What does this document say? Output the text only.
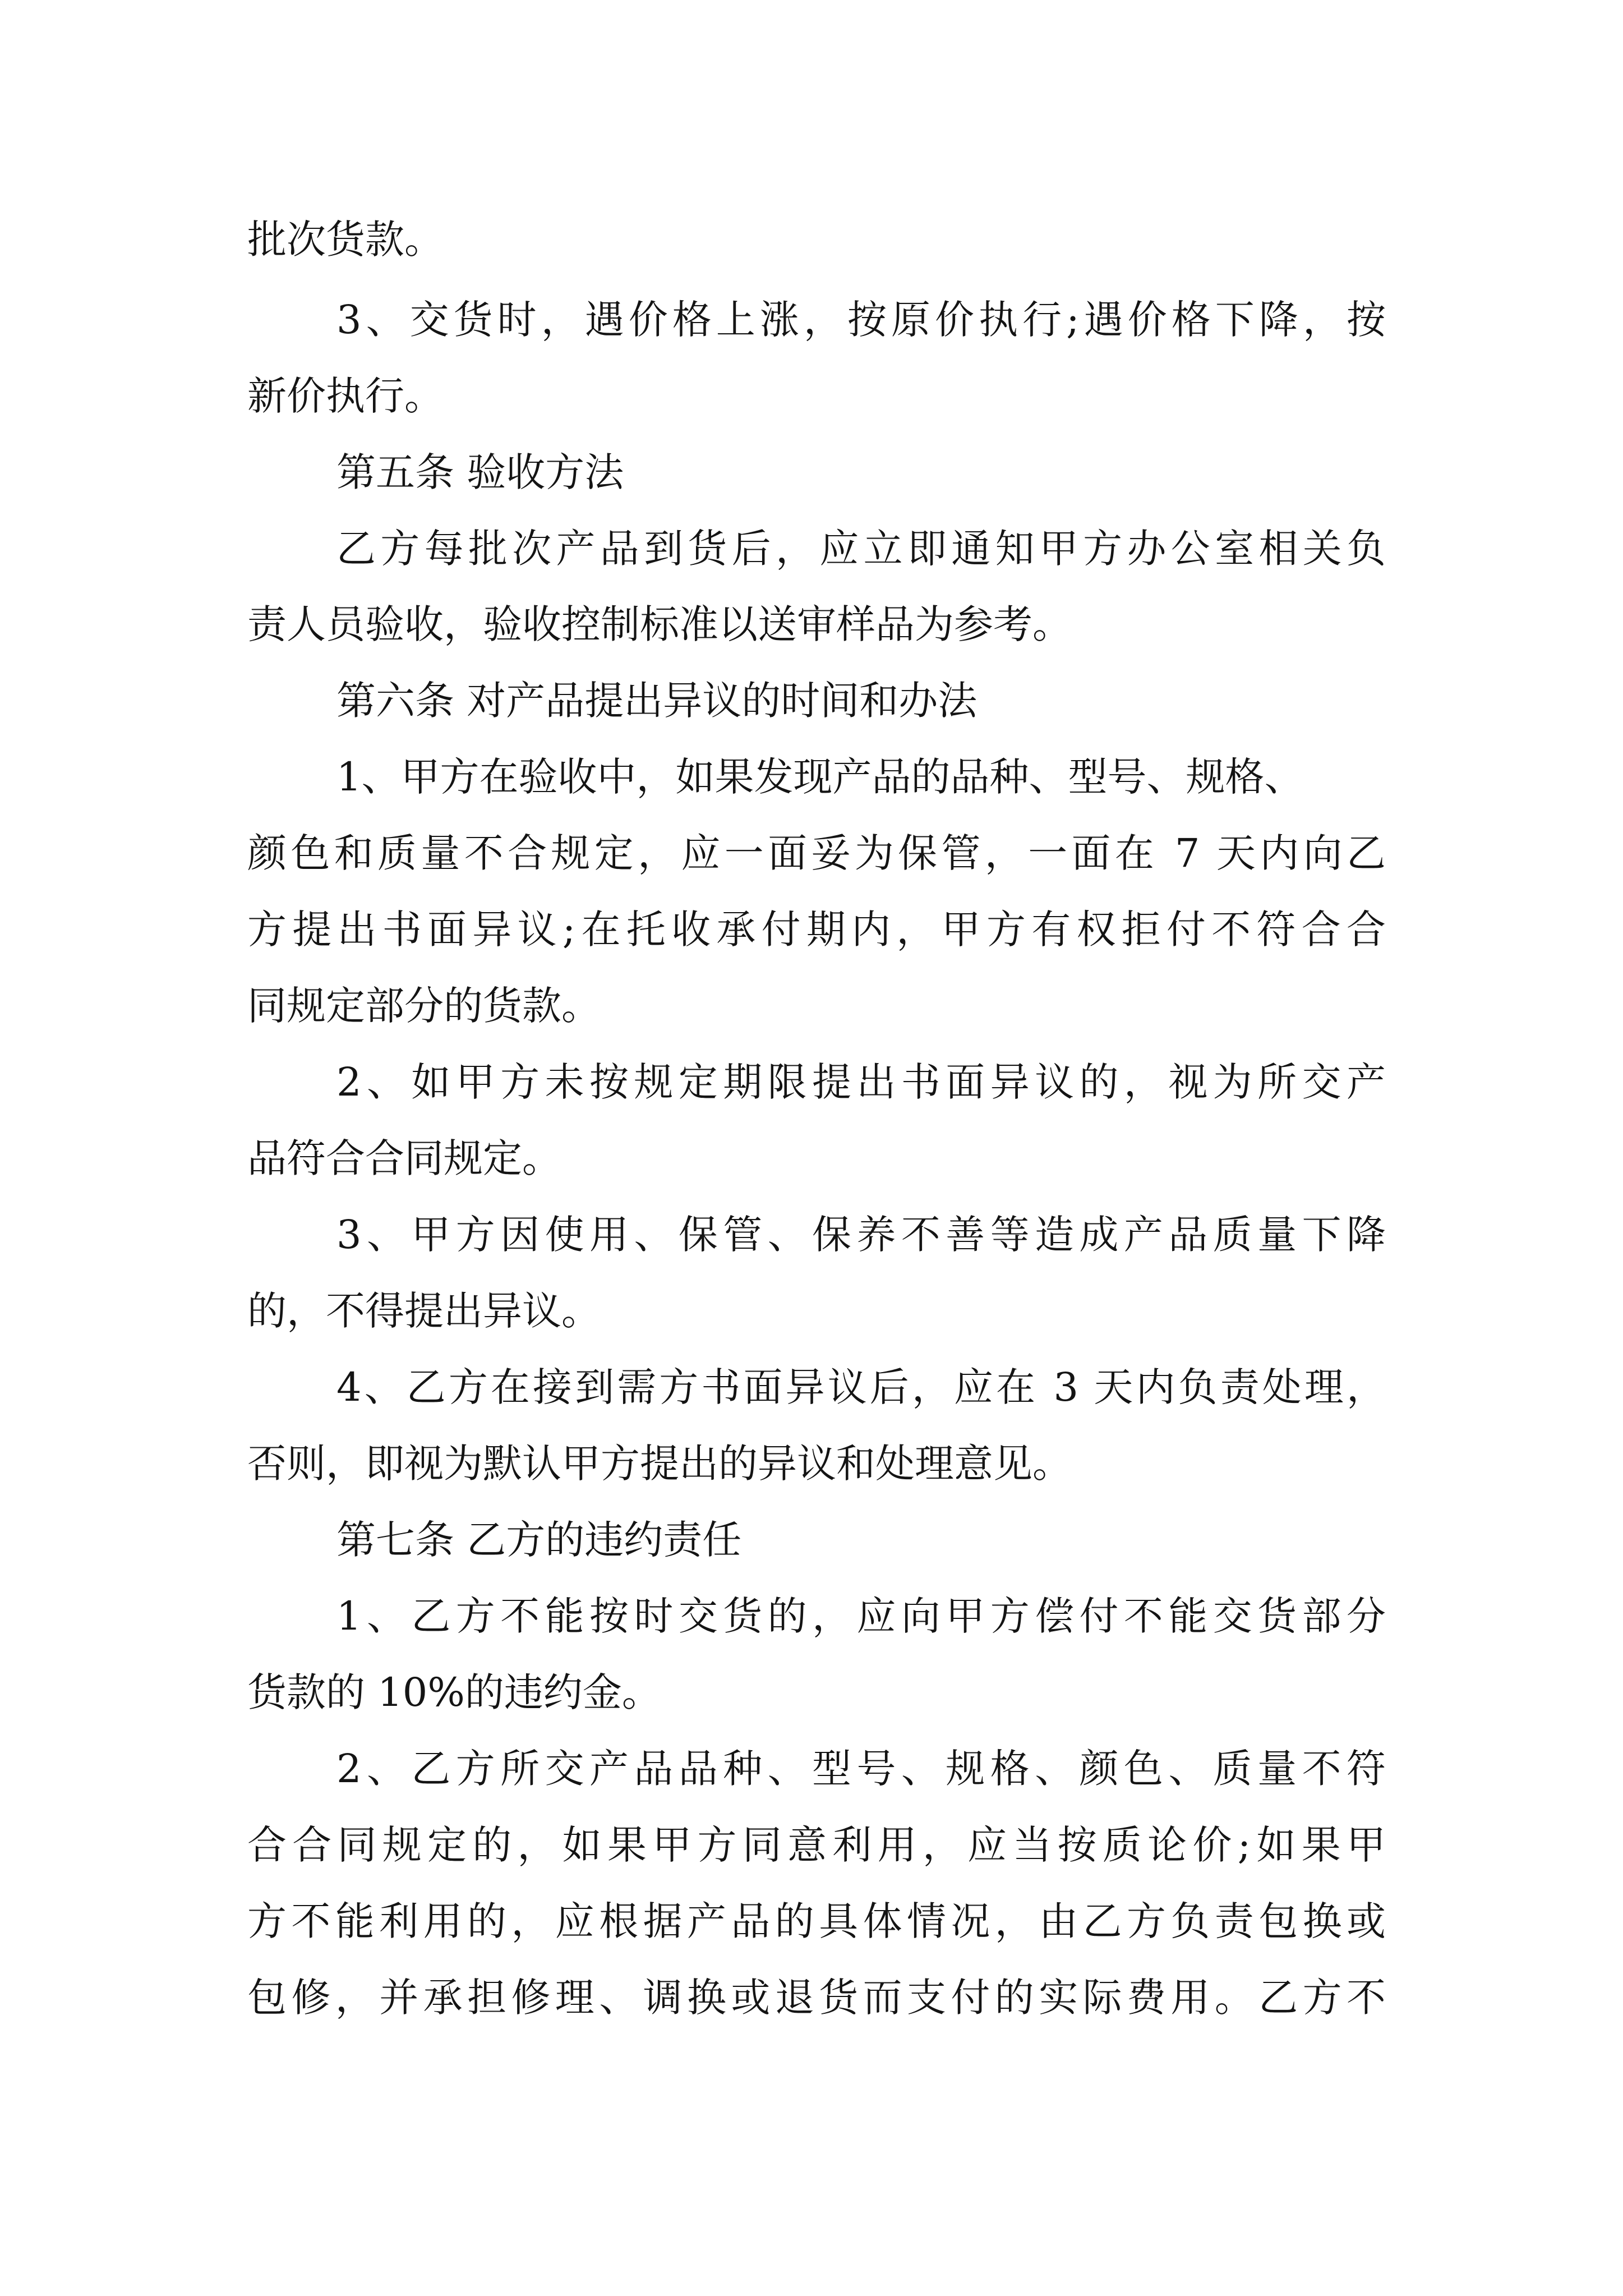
批次货款。

3、交货时，遇价格上涨，按原价执行;遇价格下降，按

新价执行。

第五条 验收方法

乙方每批次产品到货后，应立即通知甲方办公室相关负

责人员验收，验收控制标准以送审样品为参考。

第六条 对产品提出异议的时间和办法

1、甲方在验收中，如果发现产品的品种、型号、规格、

颜色和质量不合规定，应一面妥为保管，一面在 7 天内向乙

方提出书面异议;在托收承付期内，甲方有权拒付不符合合

同规定部分的货款。

2、如甲方未按规定期限提出书面异议的，视为所交产

品符合合同规定。

3、甲方因使用、保管、保养不善等造成产品质量下降

的，不得提出异议。

4、乙方在接到需方书面异议后，应在 3 天内负责处理，

否则，即视为默认甲方提出的异议和处理意见。

第七条 乙方的违约责任

1、乙方不能按时交货的，应向甲方偿付不能交货部分

货款的 10%的违约金。

2、乙方所交产品品种、型号、规格、颜色、质量不符

合合同规定的，如果甲方同意利用，应当按质论价;如果甲

方不能利用的，应根据产品的具体情况，由乙方负责包换或

包修，并承担修理、调换或退货而支付的实际费用。乙方不
